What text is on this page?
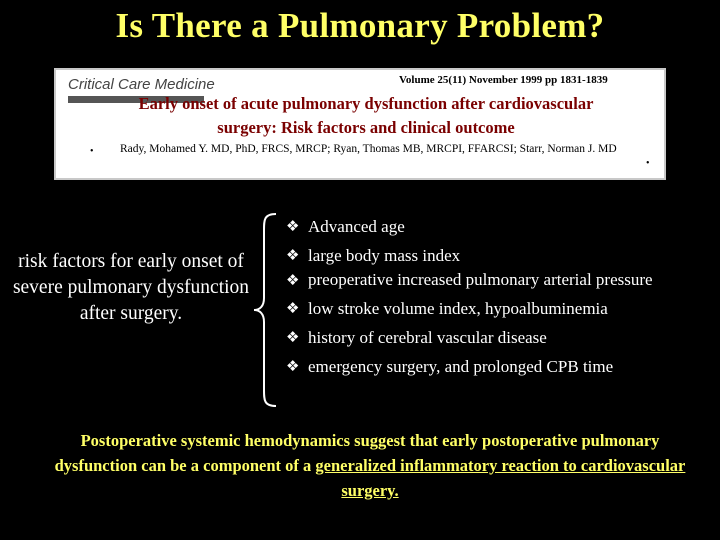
Is There a Pulmonary Problem?
Critical Care Medicine	Volume 25(11) November 1999 pp 1831-1839
Early onset of acute pulmonary dysfunction after cardiovascular surgery: Risk factors and clinical outcome
• Rady, Mohamed Y. MD, PhD, FRCS, MRCP; Ryan, Thomas MB, MRCPI, FFARCSI; Starr, Norman J. MD
•
risk factors for early onset of severe pulmonary dysfunction after surgery.
❖ Advanced age
❖ large body mass index
❖ preoperative increased pulmonary arterial pressure
❖ low stroke volume index, hypoalbuminemia
❖ history of cerebral vascular disease
❖ emergency surgery, and prolonged CPB time
Postoperative systemic hemodynamics suggest that early postoperative pulmonary dysfunction can be a component of a generalized inflammatory reaction to cardiovascular surgery.
